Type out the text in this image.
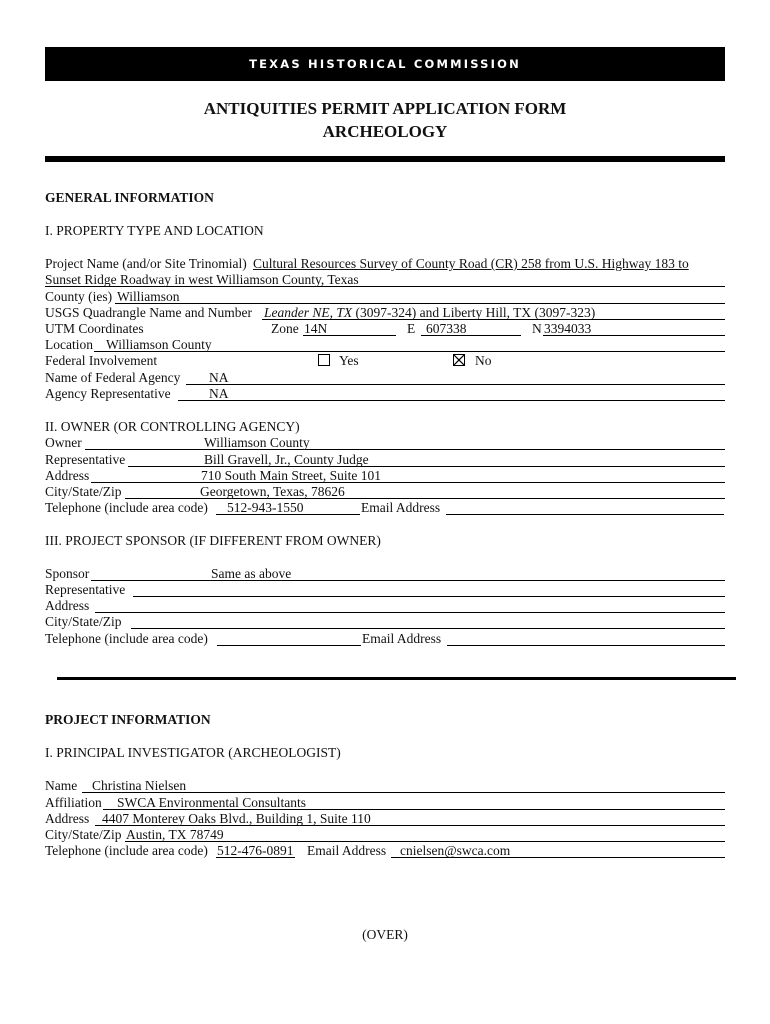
TEXAS HISTORICAL COMMISSION
ANTIQUITIES PERMIT APPLICATION FORM
ARCHEOLOGY
GENERAL INFORMATION
I. PROPERTY TYPE AND LOCATION
Project Name (and/or Site Trinomial) Cultural Resources Survey of County Road (CR) 258 from U.S. Highway 183 to
Sunset Ridge Roadway in west Williamson County, Texas
County (ies) Williamson
USGS Quadrangle Name and Number Leander NE, TX (3097-324) and Liberty Hill, TX (3097-323)
UTM Coordinates	Zone 14N	E 607338	N 3394033
Location Williamson County
Federal Involvement	Yes	No
Name of Federal Agency NA
Agency Representative	NA
II. OWNER (OR CONTROLLING AGENCY)
Owner	Williamson County
Representative	Bill Gravell, Jr., County Judge
Address	710 South Main Street, Suite 101
City/State/Zip	Georgetown, Texas, 78626
Telephone (include area code) 512-943-1550	Email Address
III. PROJECT SPONSOR (IF DIFFERENT FROM OWNER)
Sponsor	Same as above
Representative
Address
City/State/Zip
Telephone (include area code)	Email Address
PROJECT INFORMATION
I. PRINCIPAL INVESTIGATOR (ARCHEOLOGIST)
Name Christina Nielsen
Affiliation SWCA Environmental Consultants
Address 4407 Monterey Oaks Blvd., Building 1, Suite 110
City/State/Zip Austin, TX 78749
Telephone (include area code) 512-476-0891 Email Address cnielsen@swca.com
(OVER)
